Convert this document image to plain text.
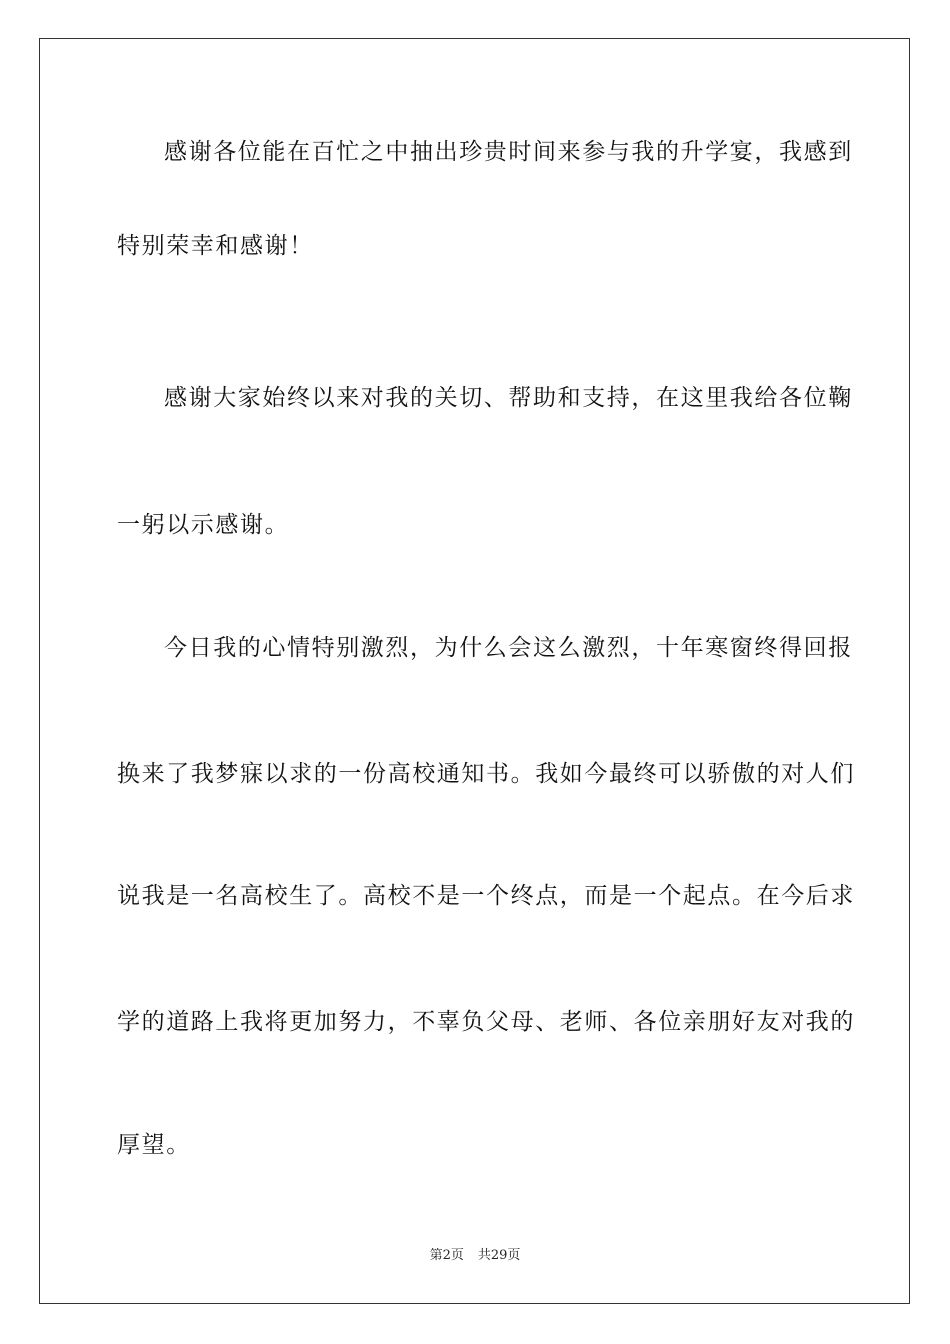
感谢各位能在百忙之中抽出珍贵时间来参与我的升学宴，我感到
特别荣幸和感谢！
感谢大家始终以来对我的关切、帮助和支持，在这里我给各位鞠
一躬以示感谢。
今日我的心情特别激烈，为什么会这么激烈，十年寒窗终得回报
换来了我梦寐以求的一份高校通知书。我如今最终可以骄傲的对人们
说我是一名高校生了。高校不是一个终点，而是一个起点。在今后求
学的道路上我将更加努力，不辜负父母、老师、各位亲朋好友对我的
厚望。
第2页 共29页
